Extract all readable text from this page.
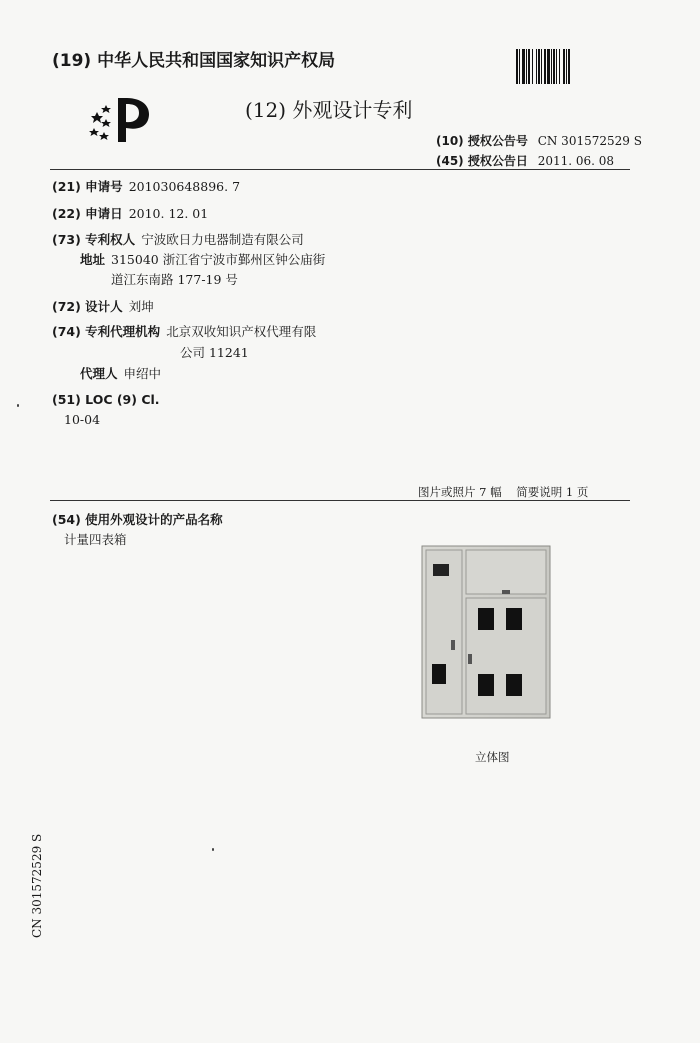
(19) 中华人民共和国国家知识产权局
(12) 外观设计专利
(10) 授权公告号 CN 301572529 S
(45) 授权公告日 2011. 06. 08
(21) 申请号 201030648896. 7
(22) 申请日 2010. 12. 01
(73) 专利权人 宁波欧日力电器制造有限公司
地址 315040 浙江省宁波市鄞州区钟公庙街
道江东南路 177-19 号
(72) 设计人 刘坤
(74) 专利代理机构 北京双收知识产权代理有限
公司 11241
代理人 申绍中
(51) LOC (9) Cl.
10-04
图片或照片 7 幅    简要说明 1 页
(54) 使用外观设计的产品名称
计量四表箱
立体图
CN 301572529 S
